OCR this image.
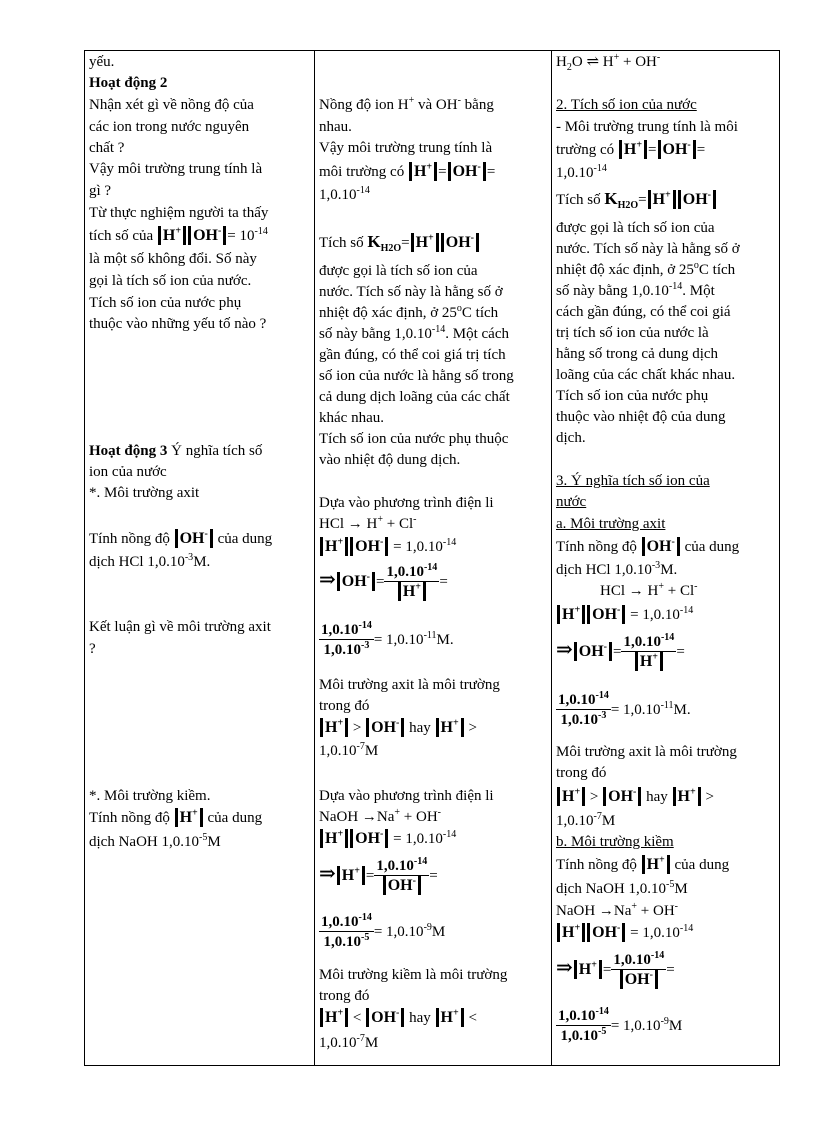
yếu.
Hoạt động 2
Nhận xét gì về nồng độ của
các ion trong nước nguyên
chất ?
Vậy môi trường trung tính là
gì ?
Từ thực nghiệm người ta thấy
tích số của H+ $OH^- = 10^{-14}$
là một số không đổi. Số này
gọi là tích số ion của nước.
Tích số ion của nước phụ
thuộc vào những yếu tố nào ?
Hoạt động 3 Ý nghĩa tích số
ion của nước
*. Môi trường axit
Tính nồng độ OH- của dung
dịch HCl $1,0.10^{-3}M$.
Kết luận gì về môi trường axit
?
*. Môi trường kiềm.
Tính nồng độ H+ của dung
dịch NaOH $1,0.10^{-5}M$
Nồng độ ion H+ và OH- bằng
nhau.
Vậy môi trường trung tính là
môi trường có H+ = OH- =
$1,0.10^{-14}$
Tích số $K_{H2O}= H^+$ OH-
được gọi là tích số ion của
nước. Tích số này là hằng số ở
nhiệt độ xác định, ở 25$^o$C tích
số này bằng $1,0.10^{-14}$. Một cách
gần đúng, có thể coi giá trị tích
số ion của nước là hằng số trong
cả dung dịch loãng của các chất
khác nhau.
Tích số ion của nước phụ thuộc
vào nhiệt độ dung dịch.
Dựa vào phương trình điện li
HCl → H+ + Cl-
H+ $OH^- = 1,0.10^{-14}$
⇒ $OH^- = \frac{1,0.10^{-14}}{H^+}$ =
$\frac{1,0.10^{-14}}{1,0.10^{-3}} = 1,0.10^{-11}M$.
Môi trường axit là môi trường
trong đó
H+ > OH- hay H+ >
$1,0.10^{-7}M$
Dựa vào phương trình điện li
NaOH →Na+ + OH-
H+ $OH^- = 1,0.10^{-14}$
⇒ $H^+ = \frac{1,0.10^{-14}}{OH^-}$ =
$\frac{1,0.10^{-14}}{1,0.10^{-5}} = 1,0.10^{-9}M$
Môi trường kiềm là môi trường
trong đó
H+ < OH- hay H+ <
$1,0.10^{-7}M$
$H_2O$ ⇌ H+ + OH-
2. Tích số ion của nước
- Môi trường trung tính là môi
trường có H+ = OH- =
$1,0.10^{-14}$
Tích số $K_{H2O}= H^+$ OH-
được gọi là tích số ion của
nước. Tích số này là hằng số ở
nhiệt độ xác định, ở 25$^o$C tích
số này bằng $1,0.10^{-14}$. Một
cách gần đúng, có thể coi giá
trị tích số ion của nước là
hằng số trong cả dung dịch
loãng của các chất khác nhau.
Tích số ion của nước phụ
thuộc vào nhiệt độ của dung
dịch.
3. Ý nghĩa tích số ion của
nước
a. Môi trường axit
Tính nồng độ OH- của dung
dịch HCl $1,0.10^{-3}M$.
HCl → H+ + Cl-
H+ $OH^- = 1,0.10^{-14}$
⇒ $OH^- = \frac{1,0.10^{-14}}{H^+}$ =
$\frac{1,0.10^{-14}}{1,0.10^{-3}} = 1,0.10^{-11}M$.
Môi trường axit là môi trường
trong đó
H+ > OH- hay H+ >
$1,0.10^{-7}M$
b. Môi trường kiềm
Tính nồng độ H+ của dung
dịch NaOH $1,0.10^{-5}M$
NaOH →Na+ + OH-
H+ $OH^- = 1,0.10^{-14}$
⇒ $H^+ = \frac{1,0.10^{-14}}{OH^-}$ =
$\frac{1,0.10^{-14}}{1,0.10^{-5}} = 1,0.10^{-9}M$
